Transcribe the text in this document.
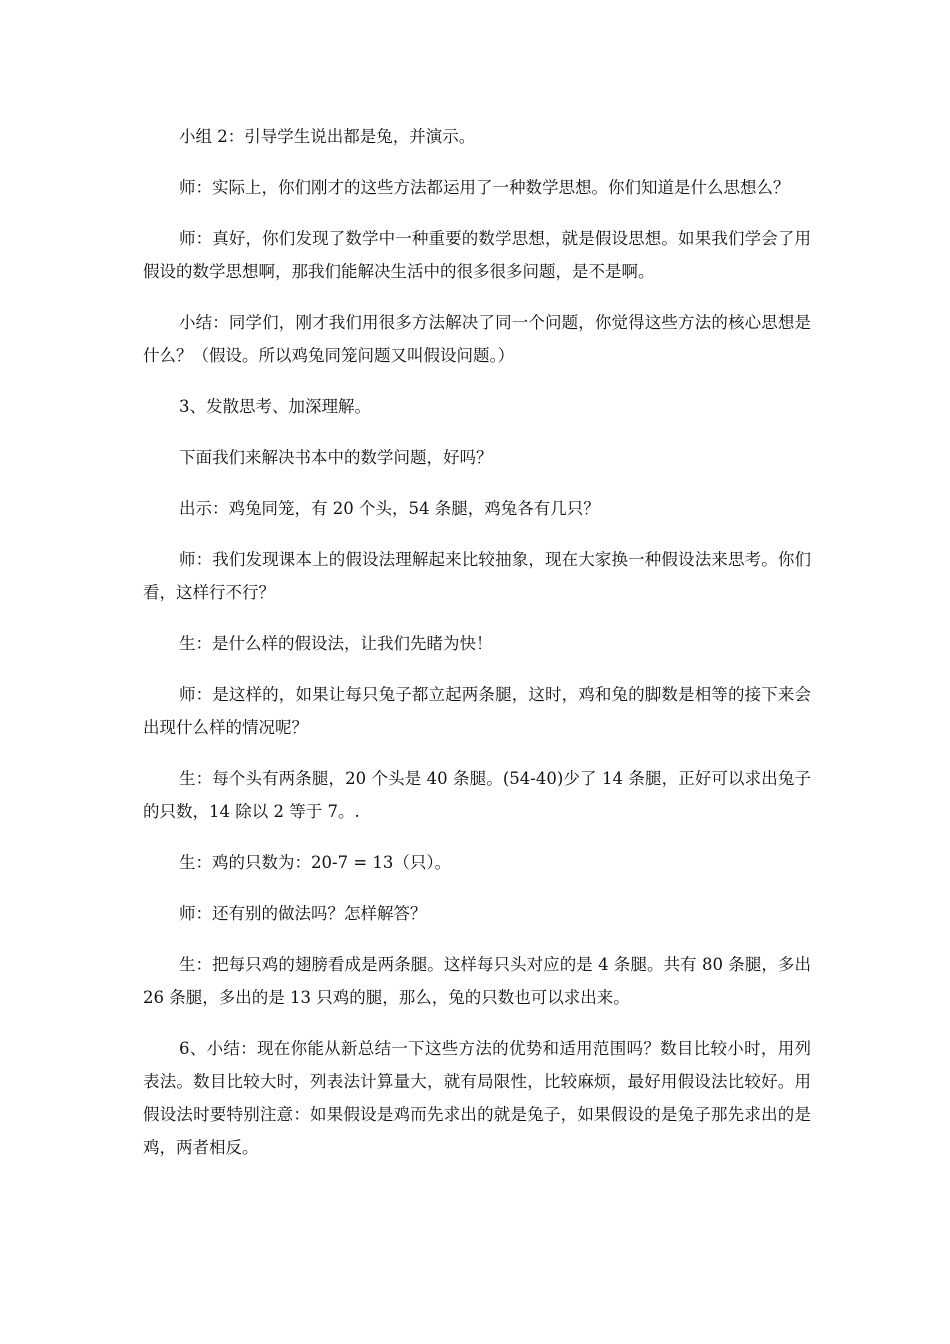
小组 2：引导学生说出都是兔，并演示。

师：实际上，你们刚才的这些方法都运用了一种数学思想。你们知道是什么思想么？

师：真好，你们发现了数学中一种重要的数学思想，就是假设思想。如果我们学会了用假设的数学思想啊，那我们能解决生活中的很多很多问题，是不是啊。

小结：同学们，刚才我们用很多方法解决了同一个问题，你觉得这些方法的核心思想是什么？（假设。所以鸡兔同笼问题又叫假设问题。）

3、发散思考、加深理解。

下面我们来解决书本中的数学问题，好吗？

出示：鸡兔同笼，有 20 个头，54 条腿，鸡兔各有几只？

师：我们发现课本上的假设法理解起来比较抽象，现在大家换一种假设法来思考。你们看，这样行不行？

生：是什么样的假设法，让我们先睹为快！

师：是这样的，如果让每只兔子都立起两条腿，这时，鸡和兔的脚数是相等的接下来会出现什么样的情况呢？

生：每个头有两条腿，20 个头是 40 条腿。(54-40)少了 14 条腿，正好可以求出兔子的只数，14 除以 2 等于 7。.

生：鸡的只数为：20-7 = 13（只）。

师：还有别的做法吗？怎样解答？

生：把每只鸡的翅膀看成是两条腿。这样每只头对应的是 4 条腿。共有 80 条腿，多出 26 条腿，多出的是 13 只鸡的腿，那么，兔的只数也可以求出来。

6、小结：现在你能从新总结一下这些方法的优势和适用范围吗？数目比较小时，用列表法。数目比较大时，列表法计算量大，就有局限性，比较麻烦，最好用假设法比较好。用假设法时要特别注意：如果假设是鸡而先求出的就是兔子，如果假设的是兔子那先求出的是鸡，两者相反。
